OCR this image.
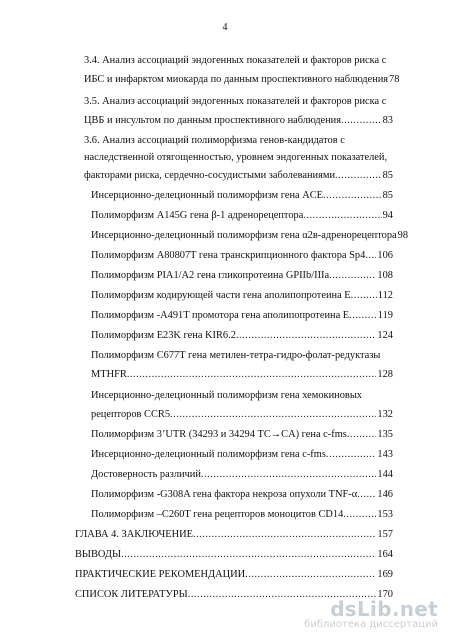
4
3.4. Анализ ассоциаций эндогенных показателей и факторов риска с
ИБС и инфарктом миокарда по данным проспективного наблюдения 78
3.5. Анализ ассоциаций эндогенных показателей и факторов риска с
ЦВБ и инсультом по данным проспективного наблюдения .....	83
3.6. Анализ ассоциаций полиморфизма генов-кандидатов с
наследственной отягощенностью, уровнем эндогенных показателей,
факторами риска, сердечно-сосудистыми заболеваниями .....	85
Инсерционно-делеционный полиморфизм гена ACE .....	85
Полиморфизм A145G гена β-1 адренорецептора .....	94
Инсерционно-делеционный полиморфизм гена α2в-адренорецептора 98
Полиморфизм A80807T гена транскрипционного фактора Sp4 ..... 106
Полиморфизм PIA1/A2 гена гликопротеина GPIIb/IIIa .....	108
Полиморфизм кодирующей части гена аполипопротеина E .....	112
Полиморфизм -A491T промотора гена аполипопротеина E .....	119
Полиморфизм E23K гена KIR6.2 .....	124
Полиморфизм C677T гена метилен-тетра-гидро-фолат-редуктазы
MTHFR .....	128
Инсерционно-делеционный полиморфизм гена хемокиновых
рецепторов CCR5 .....	132
Полиморфизм 3’UTR (34293 и 34294 TC→CA) гена c-fms .....	135
Инсерционно-делеционный полиморфизм гена c-fms .....	143
Достоверность различий .....	144
Полиморфизм -G308A гена фактора некроза опухоли TNF-α ..... 146
Полиморфизм –C260T гена рецепторов моноцитов CD14 .....	153
ГЛАВА 4. ЗАКЛЮЧЕНИЕ .....	157
ВЫВОДЫ .....	164
ПРАКТИЧЕСКИЕ РЕКОМЕНДАЦИИ .....	169
СПИСОК ЛИТЕРАТУРЫ .....	170
dsLib.net
библиотека диссертаций
